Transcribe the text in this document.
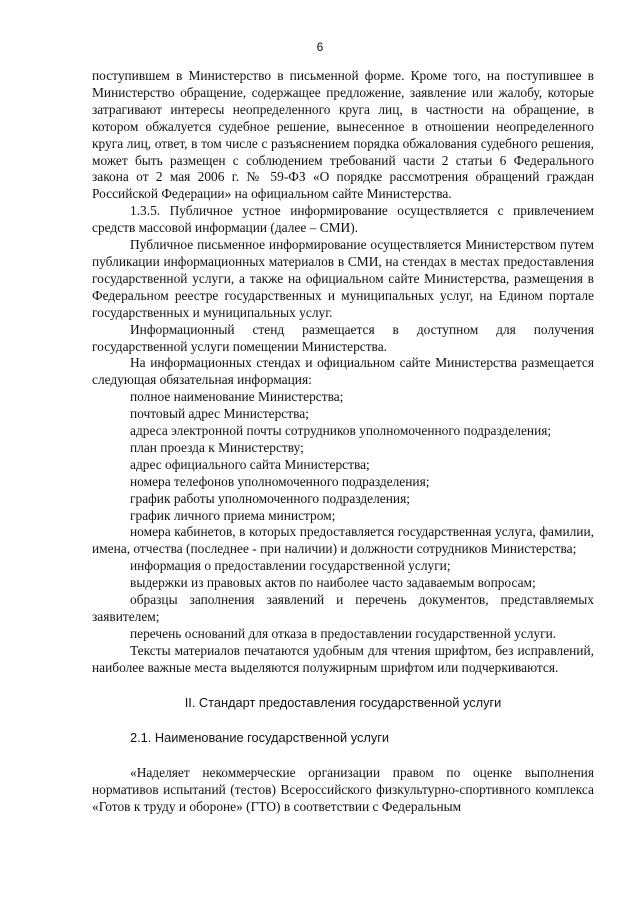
6

поступившем в Министерство в письменной форме. Кроме того, на поступившее в Министерство обращение, содержащее предложение, заявление или жалобу, которые затрагивают интересы неопределенного круга лиц, в частности на обращение, в котором обжалуется судебное решение, вынесенное в отношении неопределенного круга лиц, ответ, в том числе с разъяснением порядка обжалования судебного решения, может быть размещен с соблюдением требований части 2 статьи 6 Федерального закона от 2 мая 2006 г. № 59-ФЗ «О порядке рассмотрения обращений граждан Российской Федерации» на официальном сайте Министерства.

1.3.5. Публичное устное информирование осуществляется с привлечением средств массовой информации (далее – СМИ).

Публичное письменное информирование осуществляется Министерством путем публикации информационных материалов в СМИ, на стендах в местах предоставления государственной услуги, а также на официальном сайте Министерства, размещения в Федеральном реестре государственных и муниципальных услуг, на Едином портале государственных и муниципальных услуг.

Информационный стенд размещается в доступном для получения государственной услуги помещении Министерства.

На информационных стендах и официальном сайте Министерства размещается следующая обязательная информация:

полное наименование Министерства;

почтовый адрес Министерства;

адреса электронной почты сотрудников уполномоченного подразделения;

план проезда к Министерству;

адрес официального сайта Министерства;

номера телефонов уполномоченного подразделения;

график работы уполномоченного подразделения;

график личного приема министром;

номера кабинетов, в которых предоставляется государственная услуга, фамилии, имена, отчества (последнее - при наличии) и должности сотрудников Министерства;

информация о предоставлении государственной услуги;

выдержки из правовых актов по наиболее часто задаваемым вопросам;

образцы заполнения заявлений и перечень документов, представляемых заявителем;

перечень оснований для отказа в предоставлении государственной услуги.

Тексты материалов печатаются удобным для чтения шрифтом, без исправлений, наиболее важные места выделяются полужирным шрифтом или подчеркиваются.

II. Стандарт предоставления государственной услуги

2.1. Наименование государственной услуги

«Наделяет некоммерческие организации правом по оценке выполнения нормативов испытаний (тестов) Всероссийского физкультурно-спортивного комплекса «Готов к труду и обороне» (ГТО) в соответствии с Федеральным
